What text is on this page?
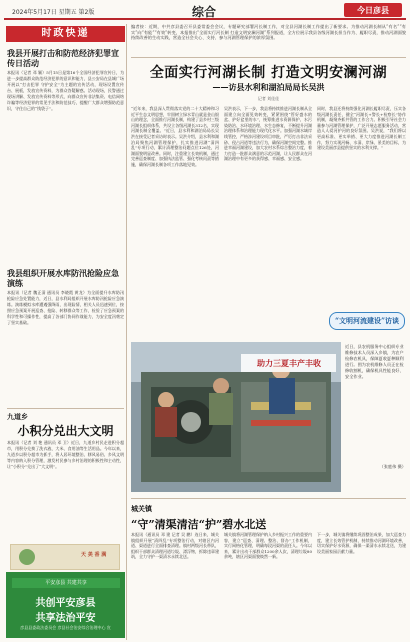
2024年5月17日 星期五 第2版	综合	今日彦县
时政快递
我县开展打击和防范经济犯罪宣传日活动
本报讯（记者 邓 颖）5月15日是第16个全国经济犯罪宣传日，为进一步提高群众防范经济犯罪的意识和能力，县公安局在县城广场开展以“打击犯罪 守护安全”为主题的宣传活动，现场设置宣传台、展板，发放宣传资料，为群众答疑解惑。活动现场，民警通过现场讲解、发放宣传资料等形式，向群众宣传非法集资、电信网络诈骗等经济犯罪的常见手法和防范技巧，提醒广大群众增强防范意识，守住自己的“钱袋子”。
我县组织开展水库防汛抢险应急演练
本报讯（记者 魏正清 通讯员 李晓霞 黄龙）为全面提升水库防汛抢险应急处置能力，近日，县水利局组织开展水库防汛抢险应急演练。演练模拟水库遭遇强降雨，出现险情，相关人员迅速到位，按照应急预案开展巡查、抢险、转移群众等工作，检验了应急预案的科学性和可操作性，提高了各部门协同作战能力，为安全度汛奠定了坚实基础。
九道乡
小积分兑出大文明
本报讯（记者 刘 艳 通讯员 邓 卫）近日，九道乡村民走进积分超市，用积分兑换了洗衣液、大米、食用油等生活用品。今年以来，九道乡以积分超市为抓手，将人居环境整治、移风易俗、乡风文明等内容纳入积分管理，激发村民参与乡村治理的积极性和主动性，让“小积分”兑出了“大文明”。
天 美 香 满
平安彦县 共建共享
共创平安彦县
共享法治平安
彦县县委政法委员会 彦县社会治安综合治理中心 宣
编者按：近期，中共彦县委召开县委常委会会议，专题研究部署河长制工作，对全县河湖长制工作提出了新要求。为推动河湖长制从“有名”“有实”向“有能”“有效”转变，本报推出“全面实行河长制 打造文明安澜河湖”系列报道，全方位展示我县各级河湖长担当作为、履职尽责，推动河湖面貌持续改善的生动实践，营造全社会关心、支持、参与河湖管理保护的浓厚氛围。
全面实行河湖长制 打造文明安澜河湖
——访县水利和湖泊局局长吴洪
记者 刘佳佳
“近年来，我县深入贯彻落实党的二十大精神和习近平生态文明思想，牢固树立绿水青山就是金山银山的理念，全面推行河湖长制，构建了县乡村三级河湖长组织体系，共设立各级河湖长312名，实现河湖长制全覆盖。”近日，县水利和湖泊局局长吴洪在接受记者采访时表示。吴洪介绍，县水利和湖泊局聚焦河湖管理保护，扎实推进河湖“清四乱”专项行动，累计清理整治问题点位126处，河湖面貌明显改善。同时，注重建立长效机制，通过完善巡查制度、加强执法监管、强化考核问责等措施，确保河湖长制各项工作落地见效。
吴洪表示，下一步，我县将持续推进河湖长制从全面建立向全面见效转变，紧紧围绕“管好盛水的盆、护好盆里的水”，统筹推进水资源保护、水污染防治、水环境治理、水生态修复，不断提升河湖治理体系和治理能力现代化水平。加强河湖水域岸线管控，严格涉河建设项目审批，严厉打击非法采砂、侵占河道等违法行为，确保河湖空间完整。推进幸福河湖建设，加大农村水系综合整治力度，着力打造一批群众满意的示范河湖，让人民群众在河湖治理中有更多的获得感、幸福感、安全感。
同时，我县还将持续强化河湖长履职尽责，压实各级河湖长责任，健全“河湖长+警长+检察长”协作机制，凝聚齐抓共管的工作合力。积极引导社会力量参与河湖管理保护，广泛开展志愿服务活动，营造人人爱河护河的良好氛围。吴洪说，“我们将以更高标准、更实举措、更大力度推进河湖长制工作，努力实现河畅、水清、岸绿、景美的目标，为建设美丽彦县提供坚实的水利支撑。”
“文明河流建设”访谈
助力三夏丰产丰收
近日，县农机服务中心组织专业维修技术人员深入乡镇，为农户检修农机具，保障夏收夏种顺利进行。图为农机维修人员正在检修收割机，确保机具性能良好、安全作业。
（张庭伟 摄）
城关镇
“守”清渠清洁“护”碧水北送
本报讯（通讯员 邓 建 记者 吴 鹏）连日来，城关镇组织开展“清四乱”专项整治行动，对辖区内河道、渠道进行全面排查清理。镇村两级河长带队，组织干部群众清理河道垃圾、漂浮物，拆除违章建筑，全力守护一渠清水永续北送。
城关镇将河湖管理保护纳入乡村振兴工作的重要内容，建立“巡查、清理、整治、督办”工作机制，实行网格化管理，明确每段河渠的责任人。今年以来，累计出动干部群众1200余人次，清理垃圾80余吨，辖区河渠面貌焕然一新。
下一步，城关镇将继续巩固整治成果，加大巡查力度，建立长效管护机制，持续推动河湖环境改善，切实保护好水资源，确保一渠清水永续北送，为建设美丽家园贡献力量。
